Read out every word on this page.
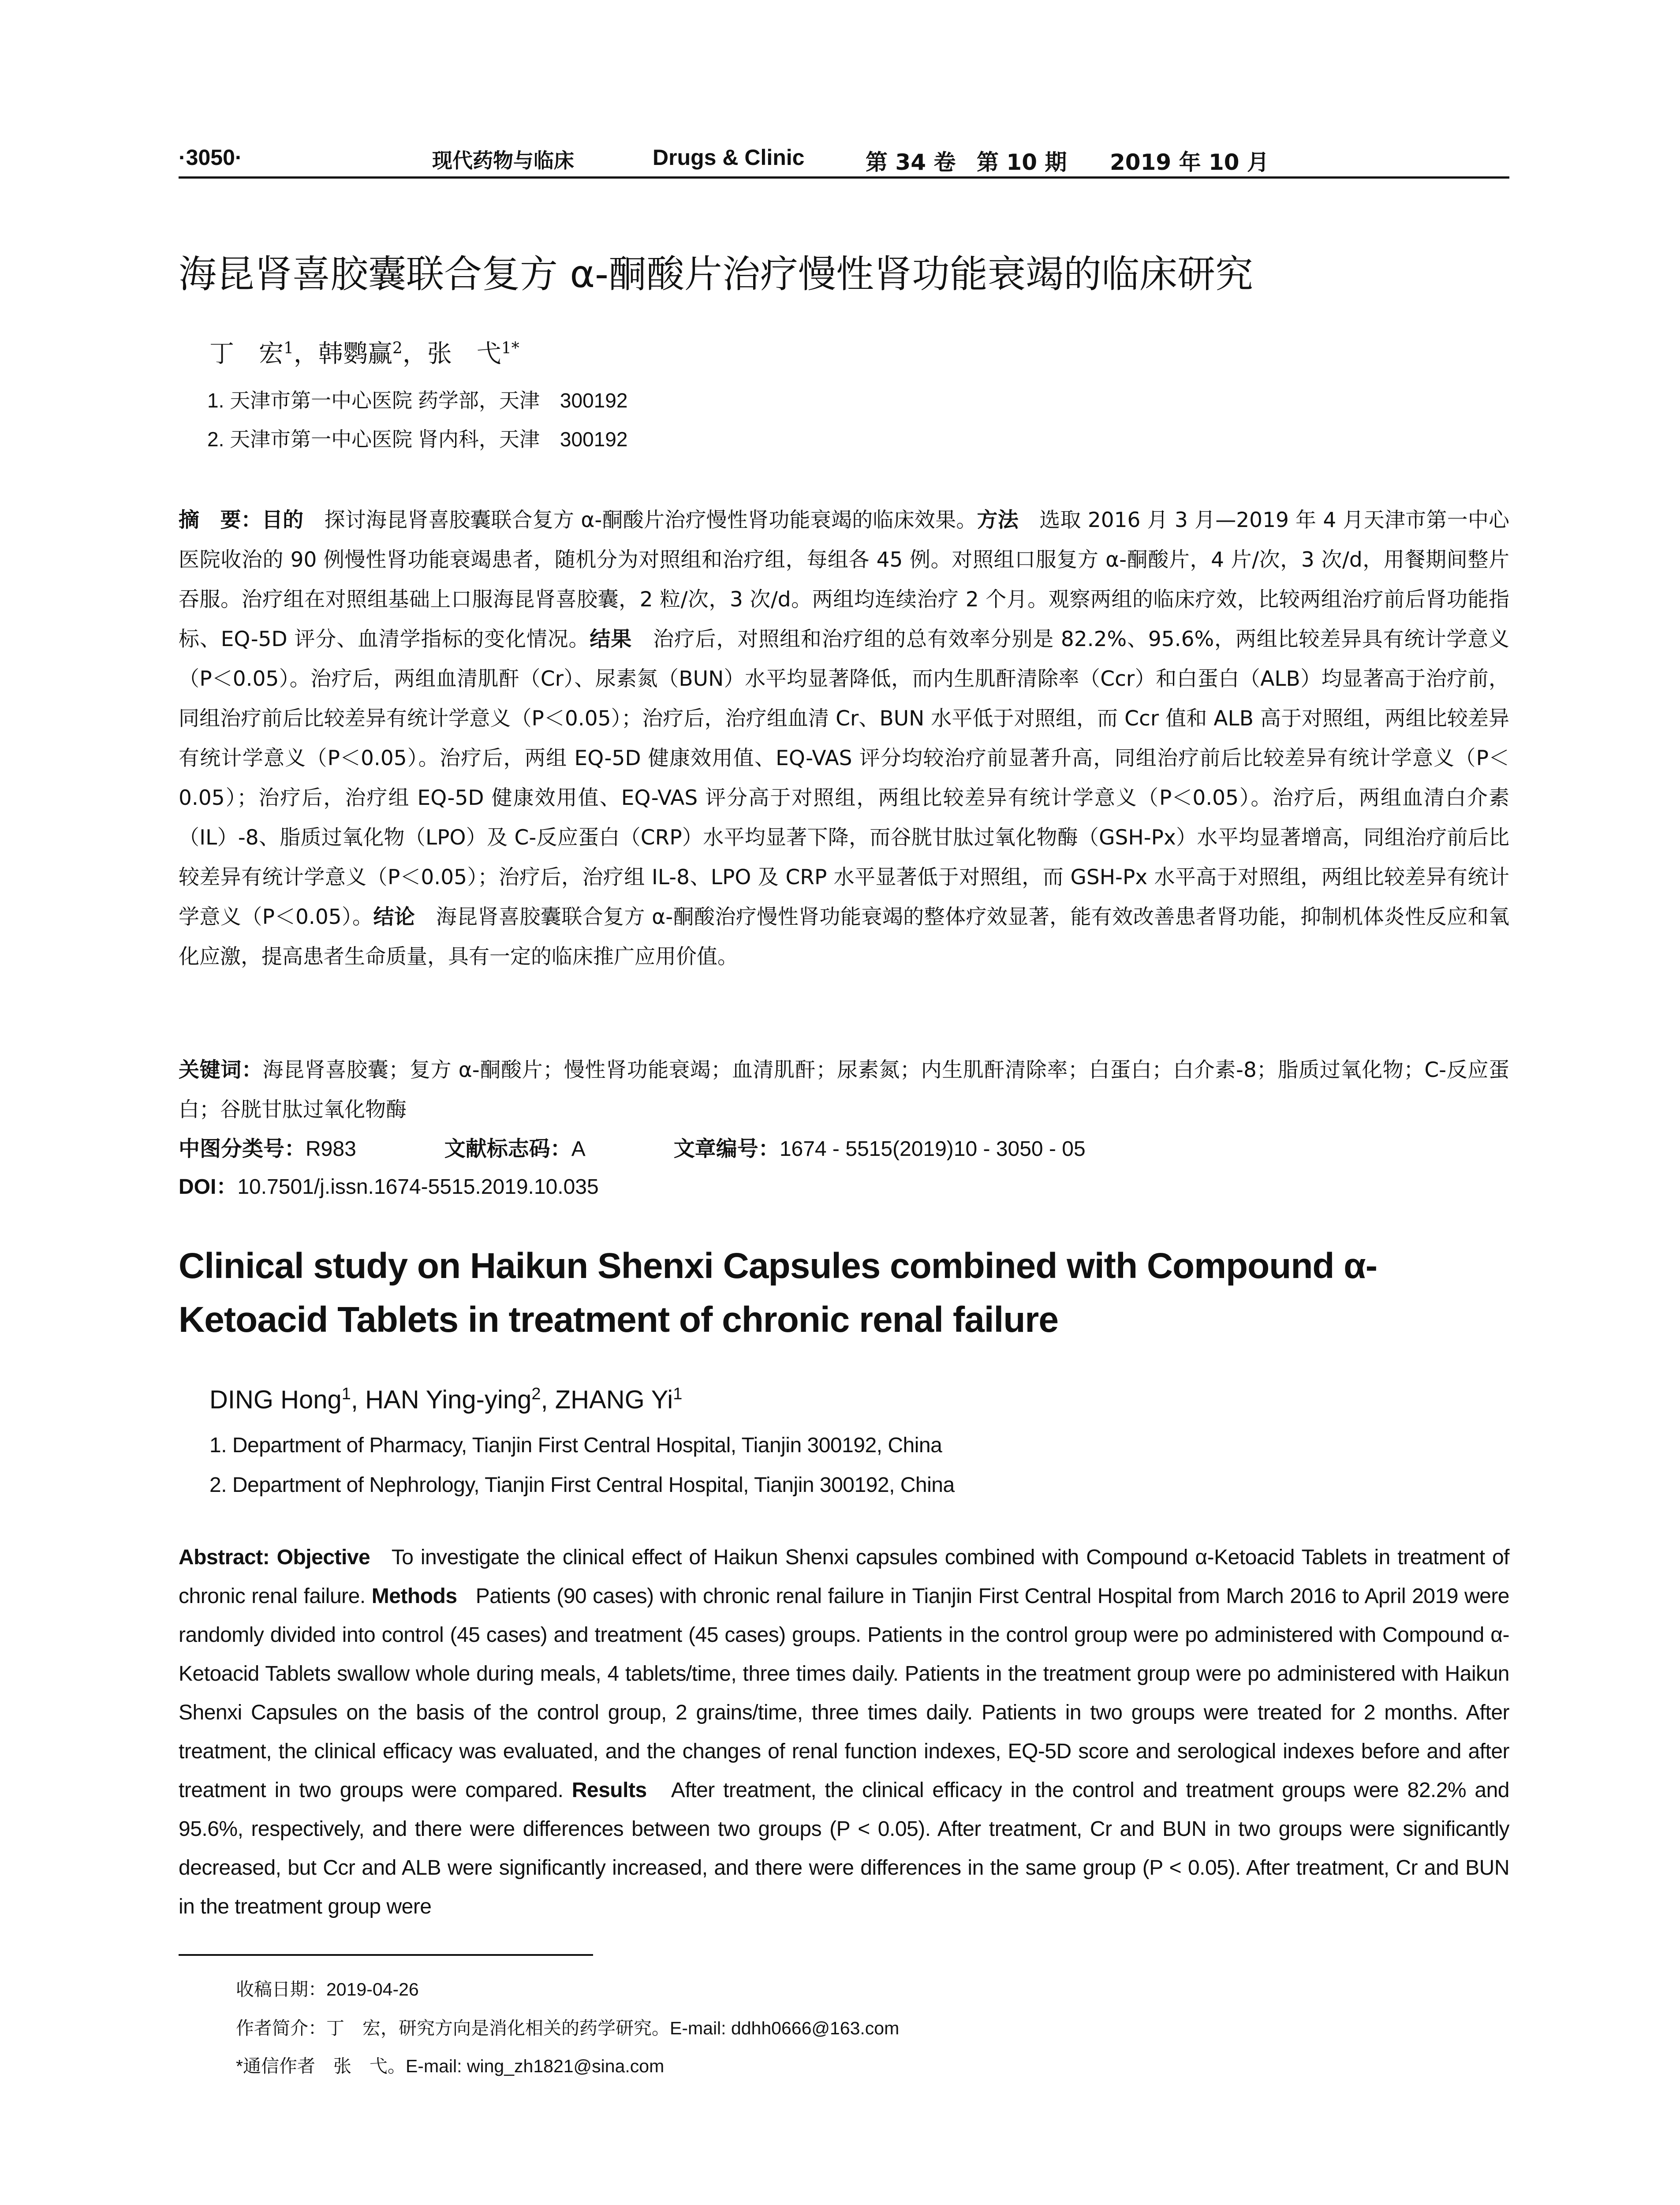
·3050·	现代药物与临床	Drugs & Clinic	第 34 卷 第 10 期 2019 年 10 月
海昆肾喜胶囊联合复方 α-酮酸片治疗慢性肾功能衰竭的临床研究
丁　宏$^1$，韩鹦赢$^2$，张　弋$^{1*}$
1. 天津市第一中心医院 药学部，天津　300192
2. 天津市第一中心医院 肾内科，天津　300192
摘　要：目的　 探讨海昆肾喜胶囊联合复方 α-酮酸片治疗慢性肾功能衰竭的临床效果。方法　 选取 2016 月 3 月—2019 年 4 月天津市第一中心医院收治的 90 例慢性肾功能衰竭患者，随机分为对照组和治疗组，每组各 45 例。对照组口服复方 α-酮酸片，4 片/次，3 次/d，用餐期间整片吞服。治疗组在对照组基础上口服海昆肾喜胶囊，2 粒/次，3 次/d。两组均连续治疗 2 个月。观察两组的临床疗效，比较两组治疗前后肾功能指标、EQ-5D 评分、血清学指标的变化情况。结果　 治疗后，对照组和治疗组的总有效率分别是 82.2%、95.6%，两组比较差异具有统计学意义（P＜0.05）。治疗后，两组血清肌酐（Cr）、尿素氮（BUN）水平均显著降低，而内生肌酐清除率（Ccr）和白蛋白（ALB）均显著高于治疗前，同组治疗前后比较差异有统计学意义（P＜0.05）；治疗后，治疗组血清 Cr、BUN 水平低于对照组，而 Ccr 值和 ALB 高于对照组，两组比较差异有统计学意义（P＜0.05）。治疗后，两组 EQ-5D 健康效用值、EQ-VAS 评分均较治疗前显著升高，同组治疗前后比较差异有统计学意义（P＜0.05）；治疗后，治疗组 EQ-5D 健康效用值、EQ-VAS 评分高于对照组，两组比较差异有统计学意义（P＜0.05）。治疗后，两组血清白介素（IL）-8、脂质过氧化物（LPO）及 C-反应蛋白（CRP）水平均显著下降，而谷胱甘肽过氧化物酶（GSH-Px）水平均显著增高，同组治疗前后比较差异有统计学意义（P＜0.05）；治疗后，治疗组 IL-8、LPO 及 CRP 水平显著低于对照组，而 GSH-Px 水平高于对照组，两组比较差异有统计学意义（P＜0.05）。结论　 海昆肾喜胶囊联合复方 α-酮酸治疗慢性肾功能衰竭的整体疗效显著，能有效改善患者肾功能，抑制机体炎性反应和氧化应激，提高患者生命质量，具有一定的临床推广应用价值。
关键词：海昆肾喜胶囊；复方 α-酮酸片；慢性肾功能衰竭；血清肌酐；尿素氮；内生肌酐清除率；白蛋白；白介素-8；脂质过氧化物；C-反应蛋白；谷胱甘肽过氧化物酶
中图分类号：R983	文献标志码：A	文章编号：1674 - 5515(2019)10 - 3050 - 05
DOI：10.7501/j.issn.1674-5515.2019.10.035
Clinical study on Haikun Shenxi Capsules combined with Compound α-Ketoacid Tablets in treatment of chronic renal failure
DING Hong$^1$, HAN Ying-ying$^2$, ZHANG Yi$^1$
1. Department of Pharmacy, Tianjin First Central Hospital, Tianjin 300192, China
2. Department of Nephrology, Tianjin First Central Hospital, Tianjin 300192, China
Abstract: Objective To investigate the clinical effect of Haikun Shenxi capsules combined with Compound α-Ketoacid Tablets in treatment of chronic renal failure. Methods Patients (90 cases) with chronic renal failure in Tianjin First Central Hospital from March 2016 to April 2019 were randomly divided into control (45 cases) and treatment (45 cases) groups. Patients in the control group were po administered with Compound α-Ketoacid Tablets swallow whole during meals, 4 tablets/time, three times daily. Patients in the treatment group were po administered with Haikun Shenxi Capsules on the basis of the control group, 2 grains/time, three times daily. Patients in two groups were treated for 2 months. After treatment, the clinical efficacy was evaluated, and the changes of renal function indexes, EQ-5D score and serological indexes before and after treatment in two groups were compared. Results After treatment, the clinical efficacy in the control and treatment groups were 82.2% and 95.6%, respectively, and there were differences between two groups (P < 0.05). After treatment, Cr and BUN in two groups were significantly decreased, but Ccr and ALB were significantly increased, and there were differences in the same group (P < 0.05). After treatment, Cr and BUN in the treatment group were
收稿日期：2019-04-26
作者简介：丁　宏，研究方向是消化相关的药学研究。E-mail: ddhh0666@163.com
*通信作者　张　弋。E-mail: wing_zh1821@sina.com
